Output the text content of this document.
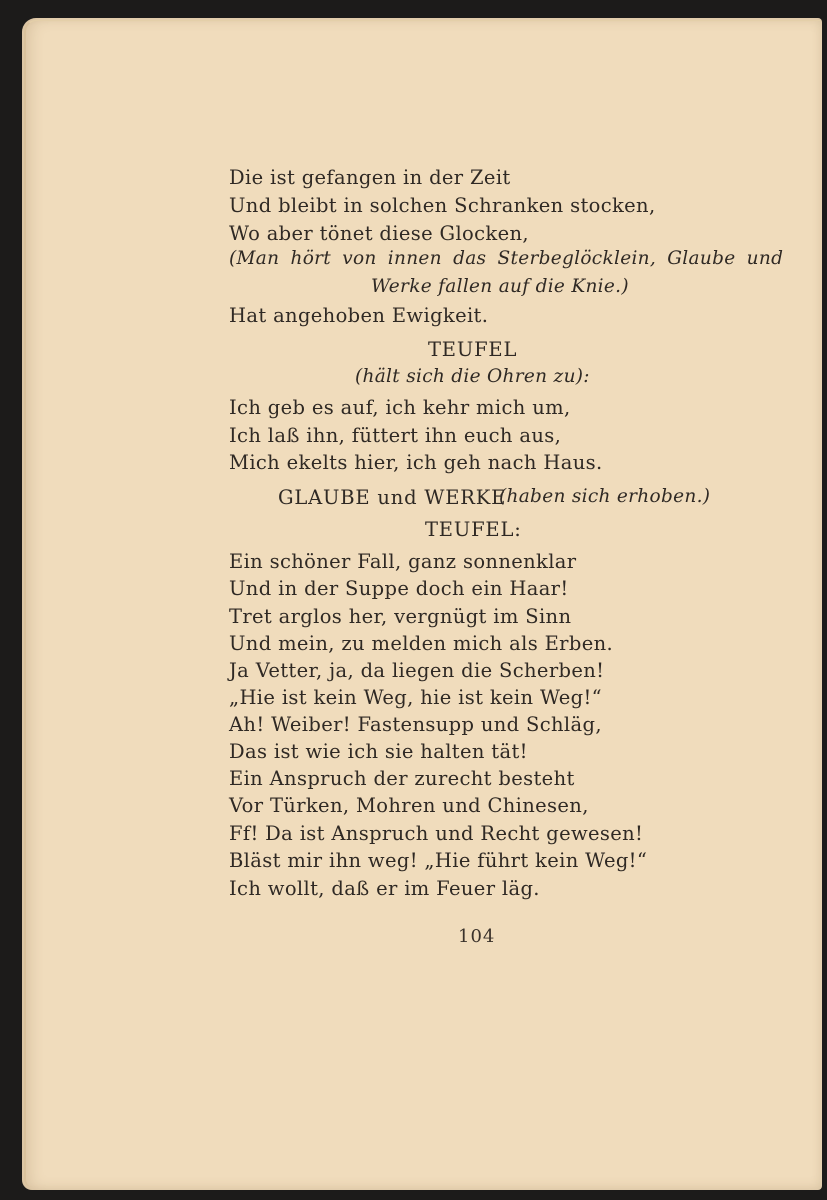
Die ist gefangen in der Zeit
Und bleibt in solchen Schranken stocken,
Wo aber tönet diese Glocken,
(Man hört von innen das Sterbeglöcklein, Glaube und
Werke fallen auf die Knie.)
Hat angehoben Ewigkeit.
TEUFEL
(hält sich die Ohren zu):
Ich geb es auf, ich kehr mich um,
Ich laß ihn, füttert ihn euch aus,
Mich ekelts hier, ich geh nach Haus.
GLAUBE und WERKE
(haben sich erhoben.)
TEUFEL:
Ein schöner Fall, ganz sonnenklar
Und in der Suppe doch ein Haar!
Tret arglos her, vergnügt im Sinn
Und mein, zu melden mich als Erben.
Ja Vetter, ja, da liegen die Scherben!
„Hie ist kein Weg, hie ist kein Weg!“
Ah! Weiber! Fastensupp und Schläg,
Das ist wie ich sie halten tät!
Ein Anspruch der zurecht besteht
Vor Türken, Mohren und Chinesen,
Ff! Da ist Anspruch und Recht gewesen!
Bläst mir ihn weg! „Hie führt kein Weg!“
Ich wollt, daß er im Feuer läg.
104
